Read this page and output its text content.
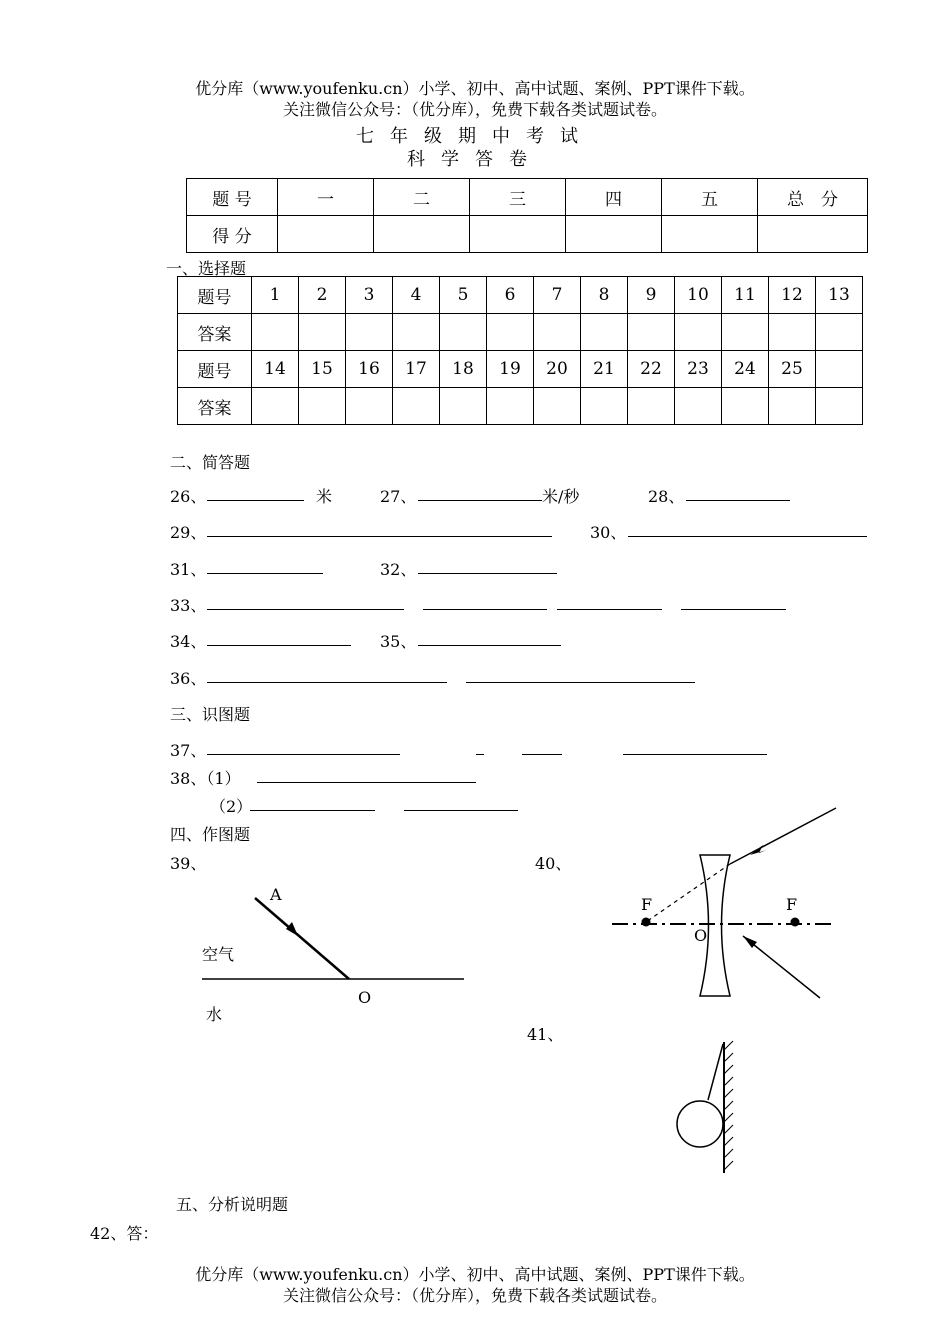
优分库（www.youfenku.cn）小学、初中、高中试题、案例、PPT课件下载。
关注微信公众号：（优分库），免费下载各类试题试卷。
七年级期中考试
科学答卷
题 号	一	二	三	四	五	总　分
得 分						
一、选择题
题号	1	2	3	4	5	6	7	8	9	10	11	12	13
答案													
题号	14	15	16	17	18	19	20	21	22	23	24	25	
答案													
二、简答题
26、	米	27、	米/秒	28、
29、	30、
31、	32、
33、
34、	35、
36、
三、识图题
37、
38、（1）
（2）
四、作图题
39、	40、
41、
A
O
空气
水
F	F
O
五、分析说明题
42、答：
优分库（www.youfenku.cn）小学、初中、高中试题、案例、PPT课件下载。
关注微信公众号：（优分库），免费下载各类试题试卷。
